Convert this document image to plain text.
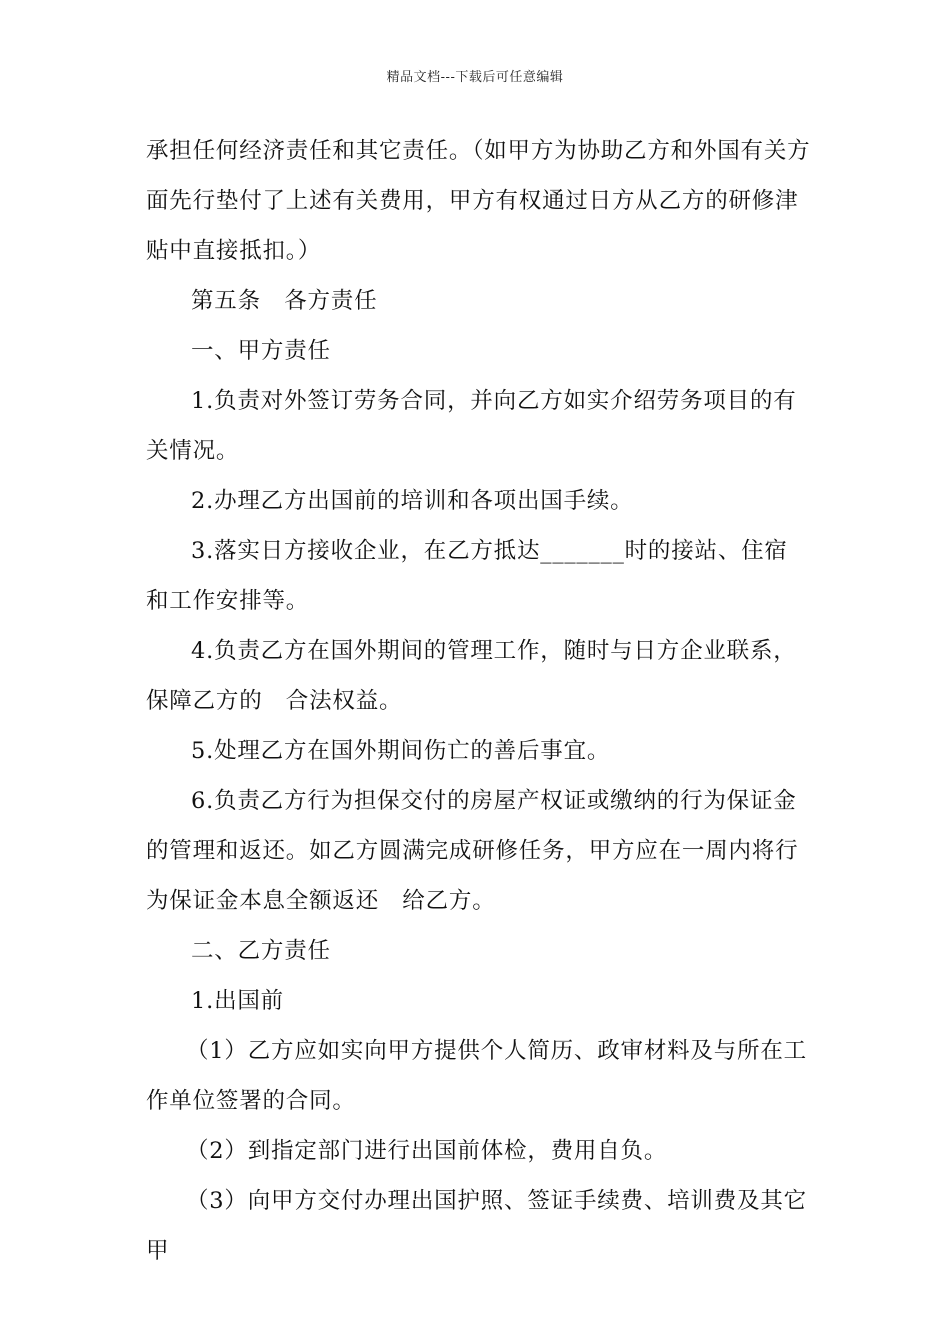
精品文档---下载后可任意编辑

承担任何经济责任和其它责任。（如甲方为协助乙方和外国有关方面先行垫付了上述有关费用，甲方有权通过日方从乙方的研修津贴中直接抵扣。）

第五条　各方责任

一、甲方责任

1.负责对外签订劳务合同，并向乙方如实介绍劳务项目的有关情况。

2.办理乙方出国前的培训和各项出国手续。

3.落实日方接收企业，在乙方抵达_______时的接站、住宿和工作安排等。

4.负责乙方在国外期间的管理工作，随时与日方企业联系，保障乙方的　合法权益。

5.处理乙方在国外期间伤亡的善后事宜。

6.负责乙方行为担保交付的房屋产权证或缴纳的行为保证金的管理和返还。如乙方圆满完成研修任务，甲方应在一周内将行为保证金本息全额返还　给乙方。

二、乙方责任

1.出国前

（1）乙方应如实向甲方提供个人简历、政审材料及与所在工作单位签署的合同。

（2）到指定部门进行出国前体检，费用自负。

（3）向甲方交付办理出国护照、签证手续费、培训费及其它甲
